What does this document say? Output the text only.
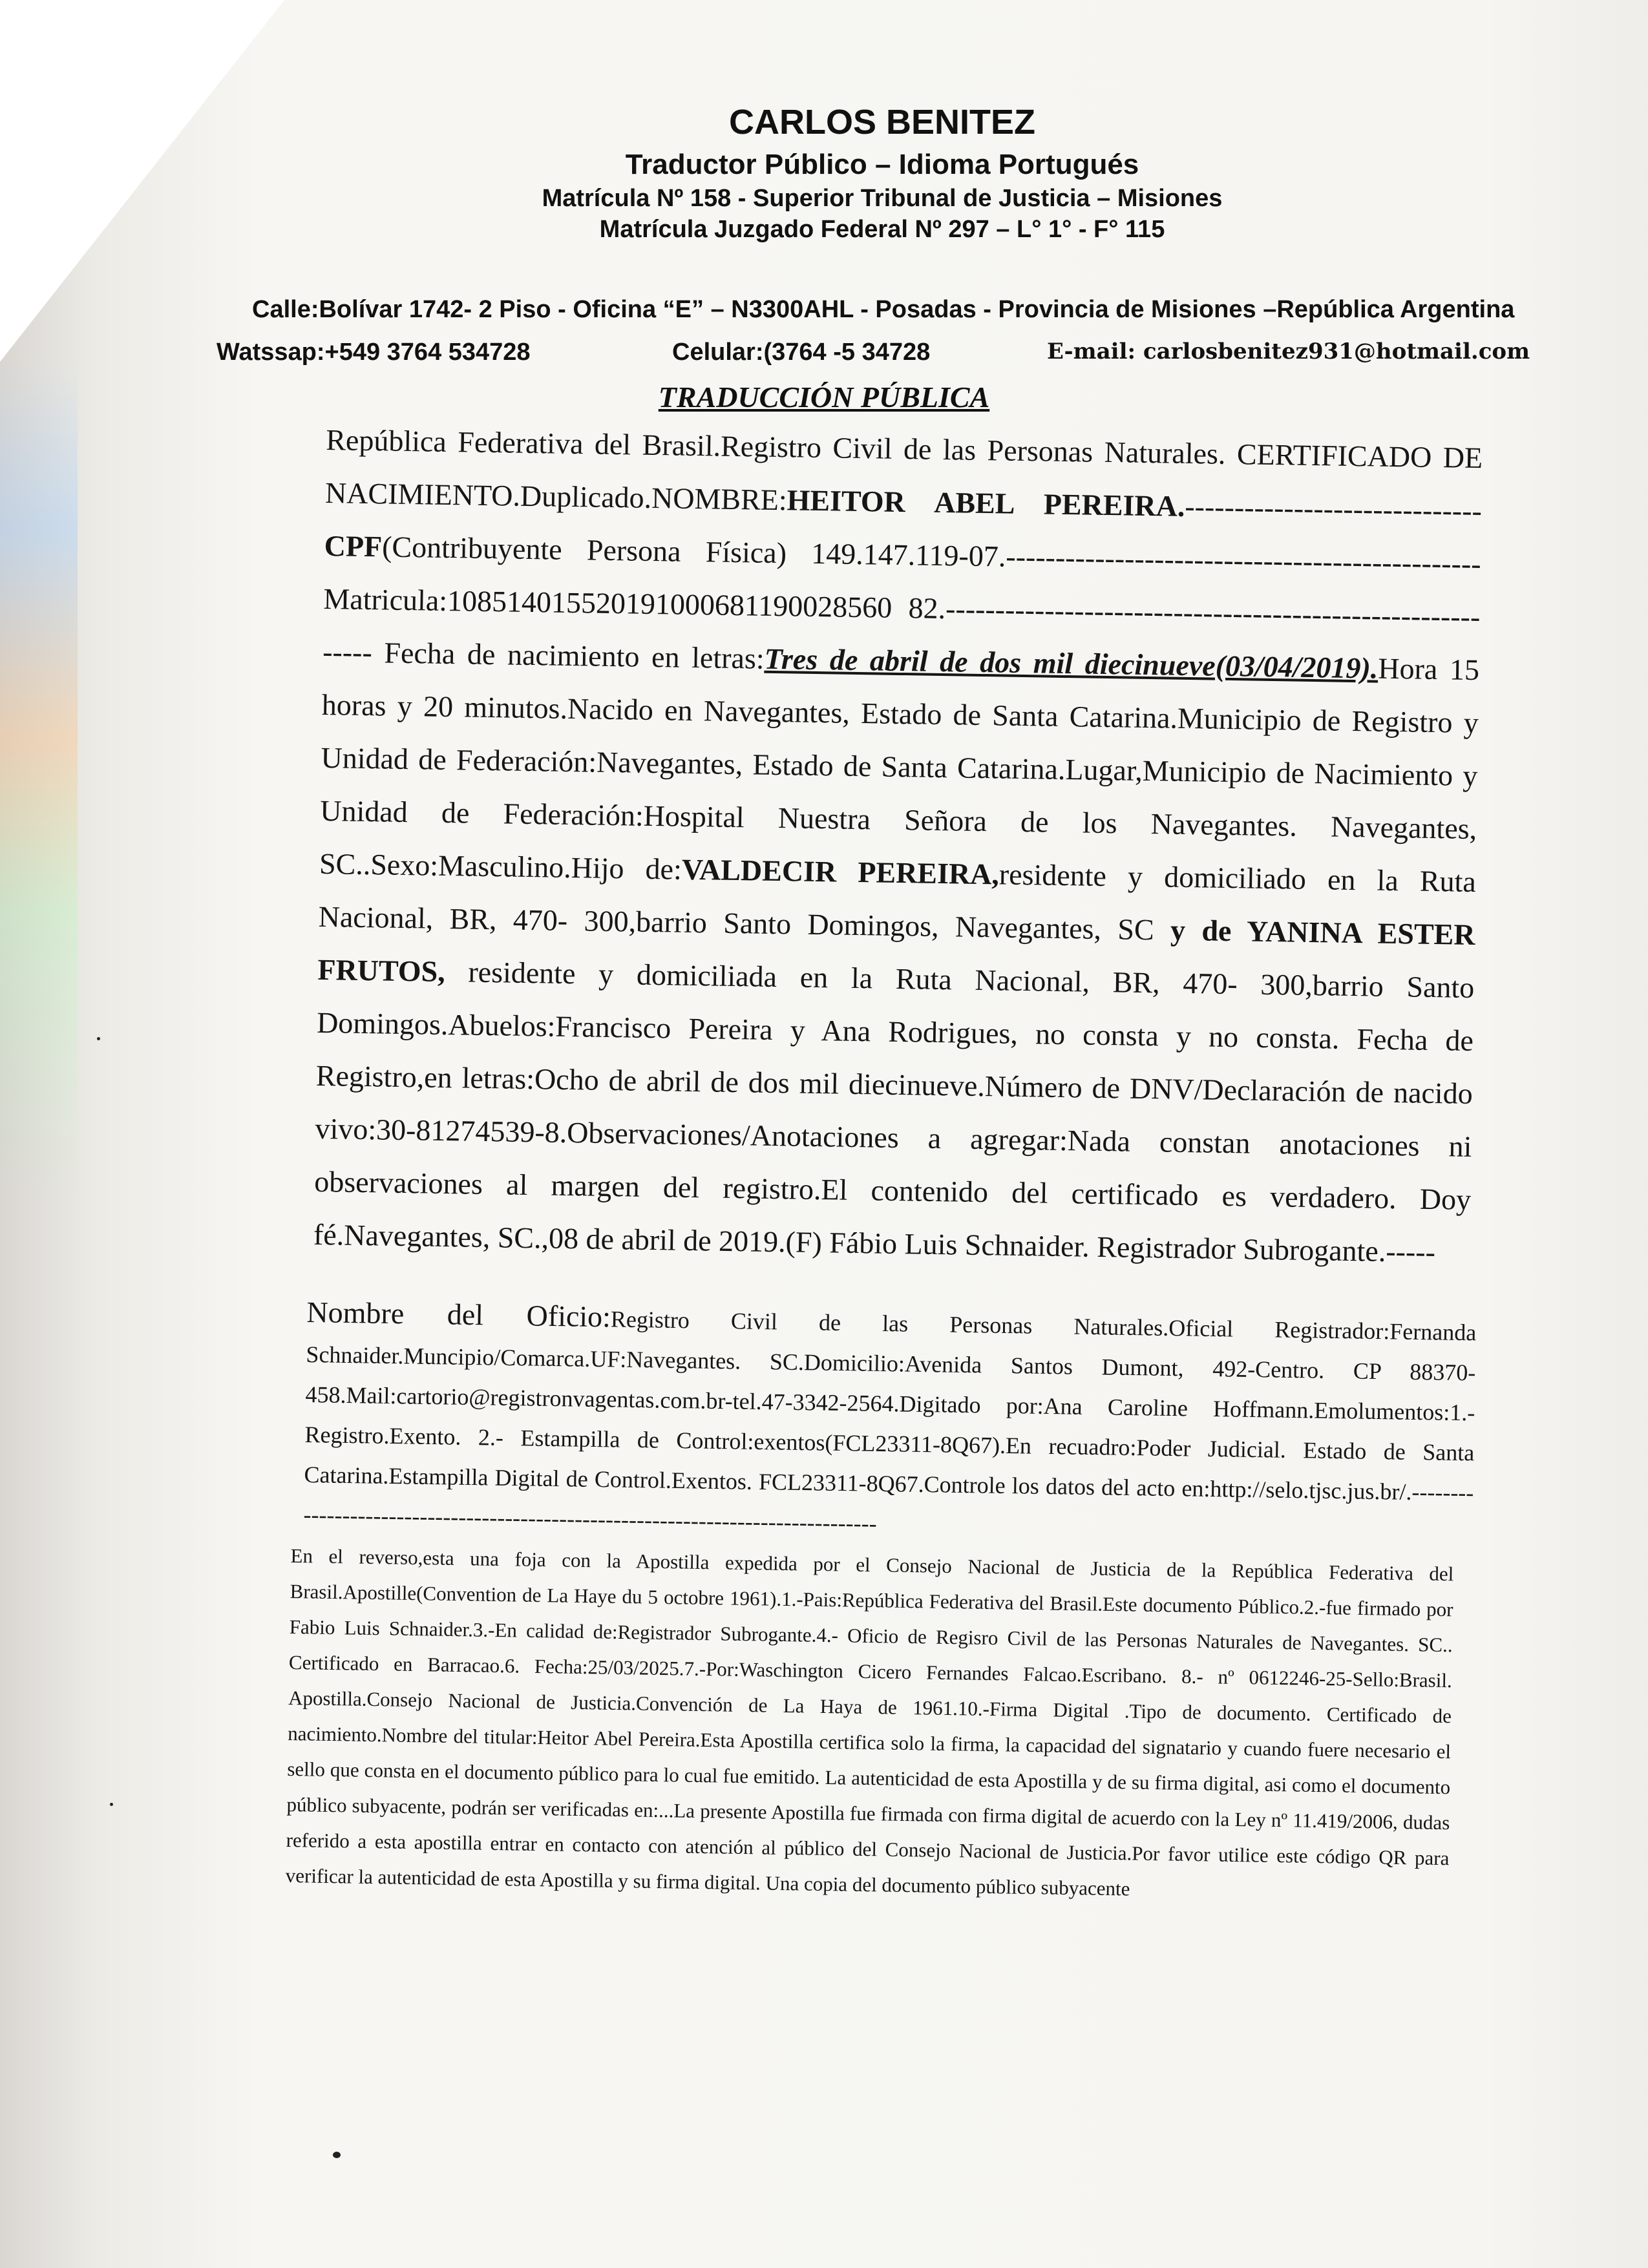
CARLOS BENITEZ
Traductor Público – Idioma Portugués
Matrícula Nº 158 - Superior Tribunal de Justicia – Misiones
Matrícula Juzgado Federal Nº 297 – L° 1° - F° 115
Calle:Bolívar 1742- 2 Piso - Oficina “E” – N3300AHL - Posadas - Provincia de Misiones –República Argentina
Watssap:+549 3764 534728	Celular:(3764 -5 34728	E-mail: carlosbenitez931@hotmail.com
TRADUCCIÓN PÚBLICA
República Federativa del Brasil.Registro Civil de las Personas Naturales. CERTIFICADO DE NACIMIENTO.Duplicado.NOMBRE:HEITOR ABEL PEREIRA.------------------------------ CPF(Contribuyente Persona Física) 149.147.119-07.------------------------------------------------ Matricula:108514015520191000681190028560 82.----------------------------------------------------------- Fecha de nacimiento en letras:Tres de abril de dos mil diecinueve(03/04/2019).Hora 15 horas y 20 minutos.Nacido en Navegantes, Estado de Santa Catarina.Municipio de Registro y Unidad de Federación:Navegantes, Estado de Santa Catarina.Lugar,Municipio de Nacimiento y Unidad de Federación:Hospital Nuestra Señora de los Navegantes. Navegantes, SC..Sexo:Masculino.Hijo de:VALDECIR PEREIRA,residente y domiciliado en la Ruta Nacional, BR, 470- 300,barrio Santo Domingos, Navegantes, SC y de YANINA ESTER FRUTOS, residente y domiciliada en la Ruta Nacional, BR, 470- 300,barrio Santo Domingos.Abuelos:Francisco Pereira y Ana Rodrigues, no consta y no consta. Fecha de Registro,en letras:Ocho de abril de dos mil diecinueve.Número de DNV/Declaración de nacido vivo:30-81274539-8.Observaciones/Anotaciones a agregar:Nada constan anotaciones ni observaciones al margen del registro.El contenido del certificado es verdadero. Doy fé.Navegantes, SC.,08 de abril de 2019.(F) Fábio Luis Schnaider. Registrador Subrogante.-----
Nombre del Oficio:Registro Civil de las Personas Naturales.Oficial Registrador:Fernanda Schnaider.Muncipio/Comarca.UF:Navegantes. SC.Domicilio:Avenida Santos Dumont, 492-Centro. CP 88370-458.Mail:cartorio@registronvagentas.com.br-tel.47-3342-2564.Digitado por:Ana Caroline Hoffmann.Emolumentos:1.-Registro.Exento. 2.- Estampilla de Control:exentos(FCL23311-8Q67).En recuadro:Poder Judicial. Estado de Santa Catarina.Estampilla Digital de Control.Exentos. FCL23311-8Q67.Controle los datos del acto en:http://selo.tjsc.jus.br/.----------------------------------------------------------------------------------
En el reverso,esta una foja con la Apostilla expedida por el Consejo Nacional de Justicia de la República Federativa del Brasil.Apostille(Convention de La Haye du 5 octobre 1961).1.-Pais:República Federativa del Brasil.Este documento Público.2.-fue firmado por Fabio Luis Schnaider.3.-En calidad de:Registrador Subrogante.4.- Oficio de Regisro Civil de las Personas Naturales de Navegantes. SC.. Certificado en Barracao.6. Fecha:25/03/2025.7.-Por:Waschington Cicero Fernandes Falcao.Escribano. 8.- nº 0612246-25-Sello:Brasil. Apostilla.Consejo Nacional de Justicia.Convención de La Haya de 1961.10.-Firma Digital .Tipo de documento. Certificado de nacimiento.Nombre del titular:Heitor Abel Pereira.Esta Apostilla certifica solo la firma, la capacidad del signatario y cuando fuere necesario el sello que consta en el documento público para lo cual fue emitido. La autenticidad de esta Apostilla y de su firma digital, asi como el documento público subyacente, podrán ser verificadas en:...La presente Apostilla fue firmada con firma digital de acuerdo con la Ley nº 11.419/2006, dudas referido a esta apostilla entrar en contacto con atención al público del Consejo Nacional de Justicia.Por favor utilice este código QR para verificar la autenticidad de esta Apostilla y su firma digital. Una copia del documento público subyacente
